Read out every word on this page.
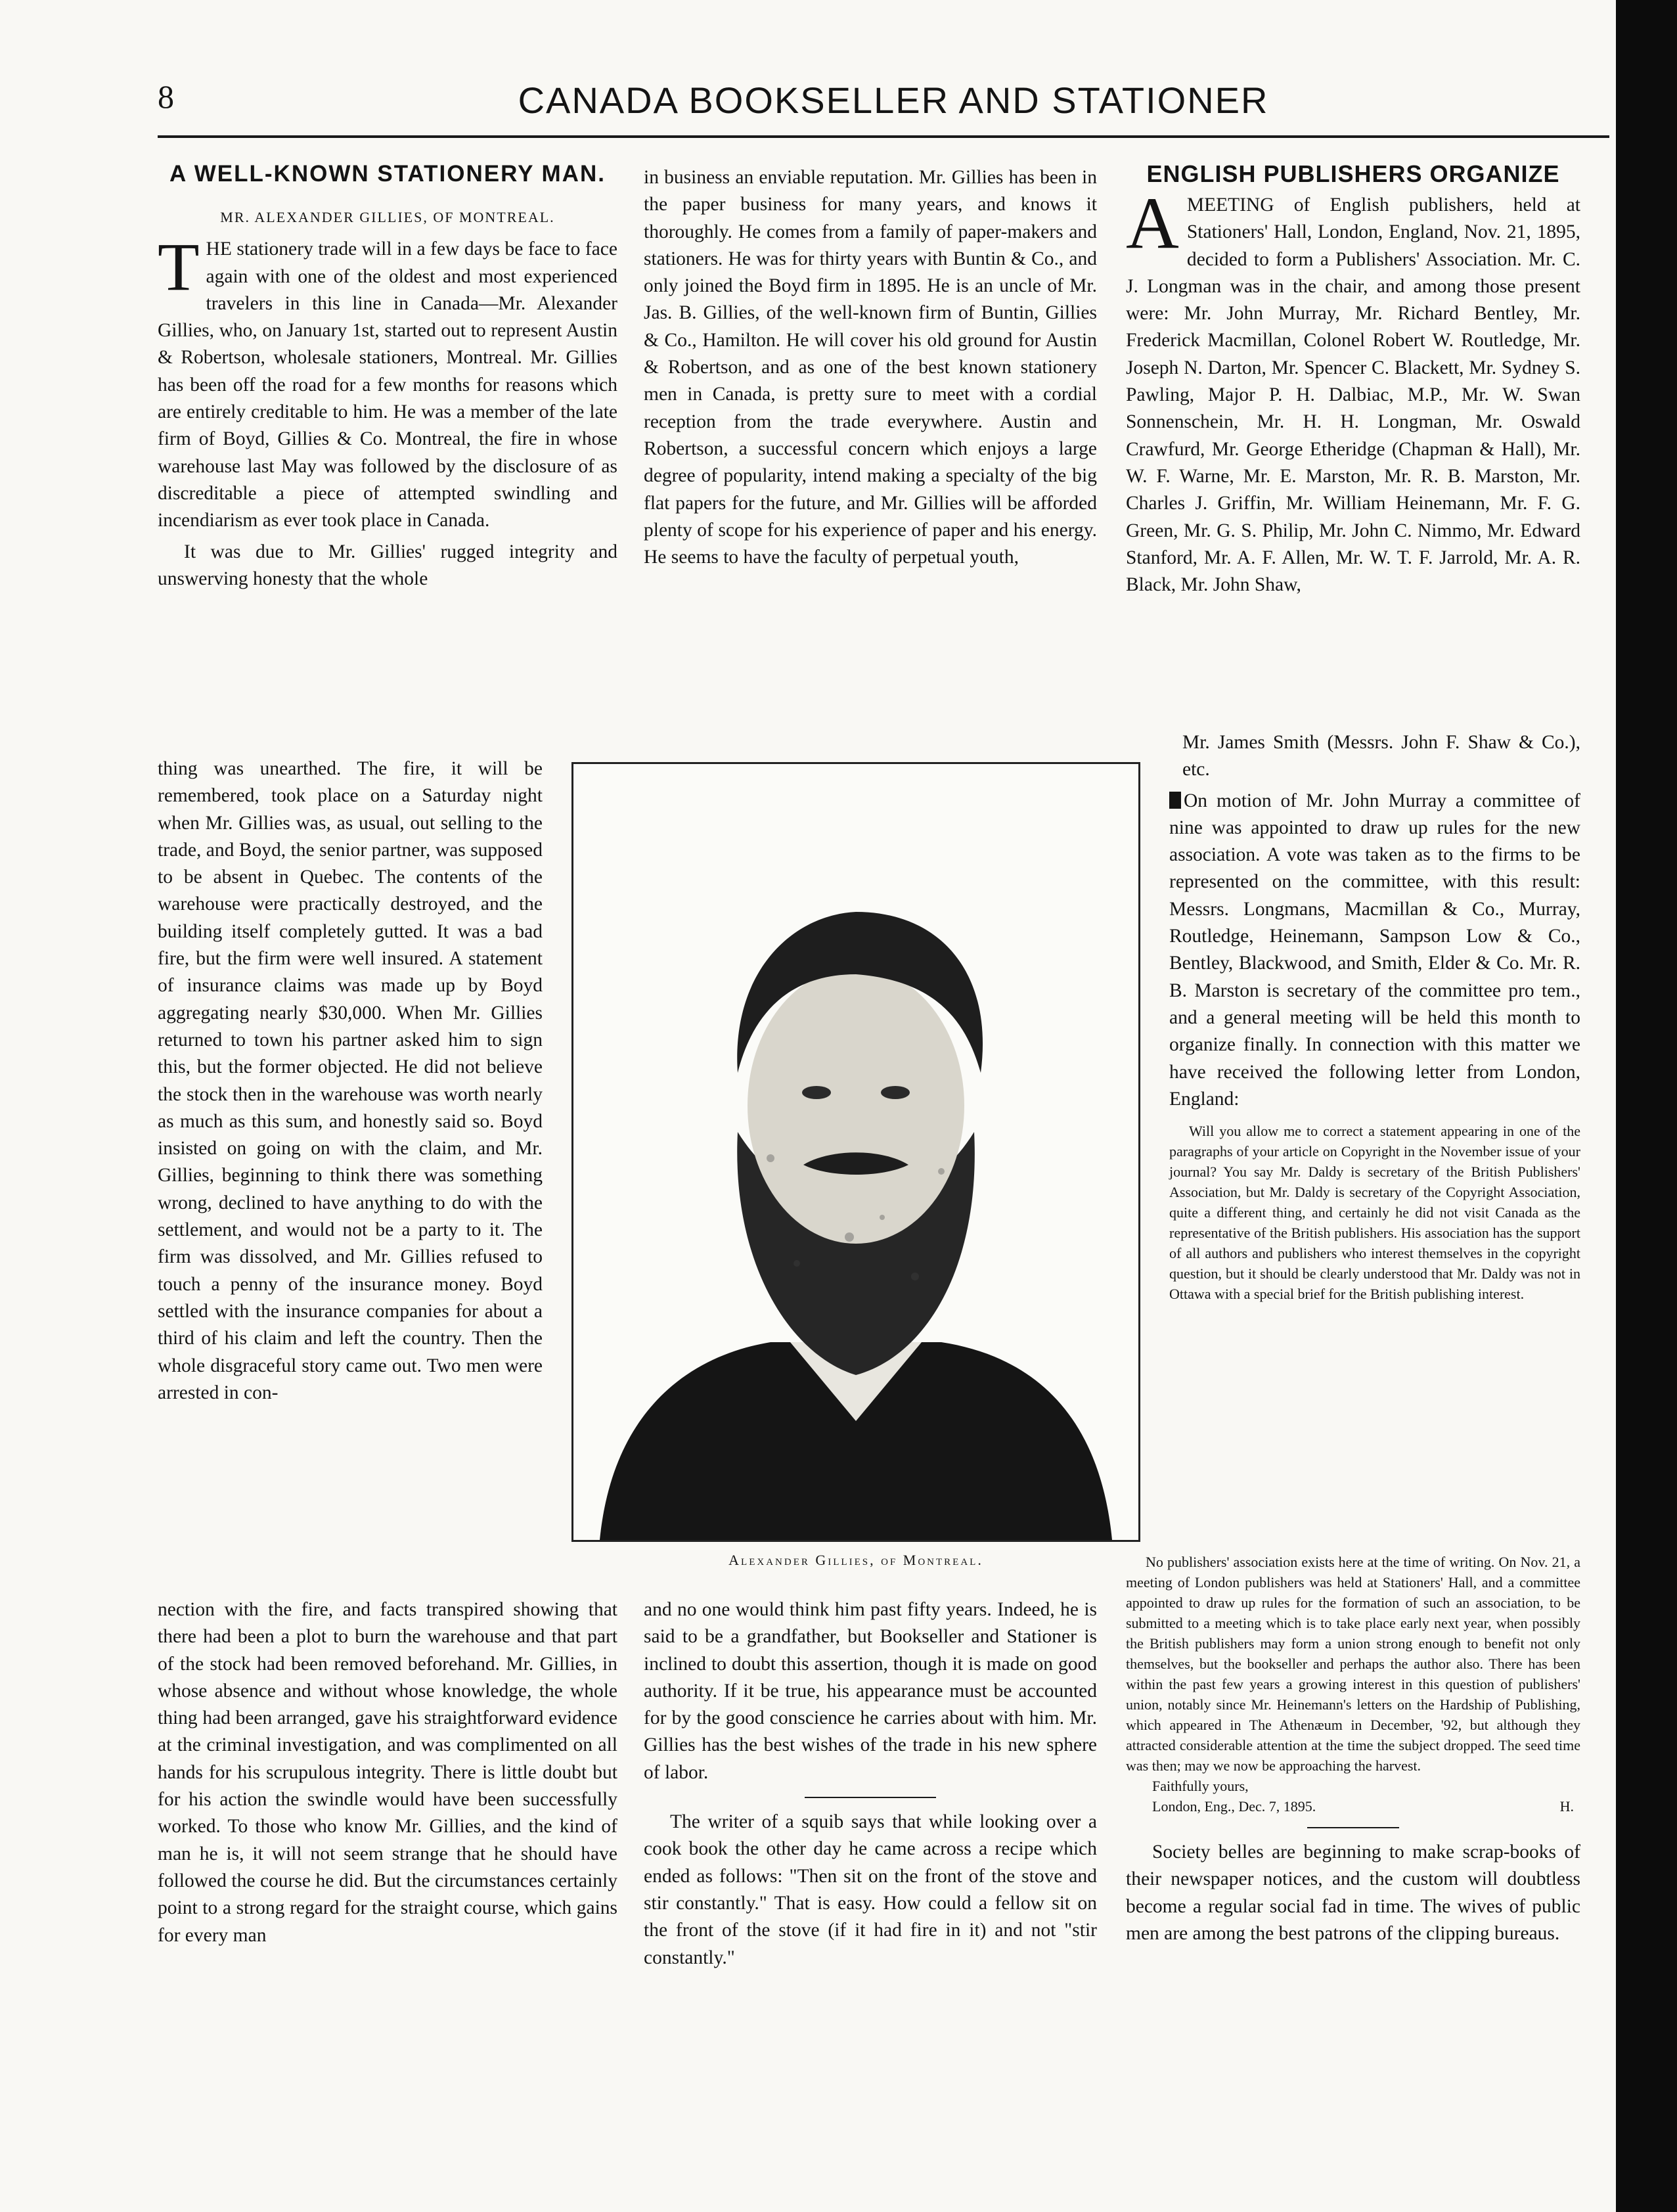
8	CANADA BOOKSELLER AND STATIONER
A WELL-KNOWN STATIONERY MAN.
MR. ALEXANDER GILLIES, OF MONTREAL.

THE stationery trade will in a few days be face to face again with one of the oldest and most experienced travelers in this line in Canada—Mr. Alexander Gillies, who, on January 1st, started out to represent Austin & Robertson, wholesale stationers, Montreal. Mr. Gillies has been off the road for a few months for reasons which are entirely creditable to him. He was a member of the late firm of Boyd, Gillies & Co. Montreal, the fire in whose warehouse last May was followed by the disclosure of as discreditable a piece of attempted swindling and incendiarism as ever took place in Canada.

It was due to Mr. Gillies' rugged integrity and unswerving honesty that the whole

thing was unearthed. The fire, it will be remembered, took place on a Saturday night when Mr. Gillies was, as usual, out selling to the trade, and Boyd, the senior partner, was supposed to be absent in Quebec. The contents of the warehouse were practically destroyed, and the building itself completely gutted. It was a bad fire, but the firm were well insured. A statement of insurance claims was made up by Boyd aggregating nearly $30,000. When Mr. Gillies returned to town his partner asked him to sign this, but the former objected. He did not believe the stock then in the warehouse was worth nearly as much as this sum, and honestly said so. Boyd insisted on going on with the claim, and Mr. Gillies, beginning to think there was something wrong, declined to have anything to do with the settlement, and would not be a party to it. The firm was dissolved, and Mr. Gillies refused to touch a penny of the insurance money. Boyd settled with the insurance companies for about a third of his claim and left the country. Then the whole disgraceful story came out. Two men were arrested in con-

nection with the fire, and facts transpired showing that there had been a plot to burn the warehouse and that part of the stock had been removed beforehand. Mr. Gillies, in whose absence and without whose knowledge, the whole thing had been arranged, gave his straightforward evidence at the criminal investigation, and was complimented on all hands for his scrupulous integrity. There is little doubt but for his action the swindle would have been successfully worked. To those who know Mr. Gillies, and the kind of man he is, it will not seem strange that he should have followed the course he did. But the circumstances certainly point to a strong regard for the straight course, which gains for every man

in business an enviable reputation. Mr. Gillies has been in the paper business for many years, and knows it thoroughly. He comes from a family of paper-makers and stationers. He was for thirty years with Buntin & Co., and only joined the Boyd firm in 1895. He is an uncle of Mr. Jas. B. Gillies, of the well-known firm of Buntin, Gillies & Co., Hamilton. He will cover his old ground for Austin & Robertson, and as one of the best known stationery men in Canada, is pretty sure to meet with a cordial reception from the trade everywhere. Austin and Robertson, a successful concern which enjoys a large degree of popularity, intend making a specialty of the big flat papers for the future, and Mr. Gillies will be afforded plenty of scope for his experience of paper and his energy. He seems to have the faculty of perpetual youth,

Alexander Gillies, of Montreal.

and no one would think him past fifty years. Indeed, he is said to be a grandfather, but Bookseller and Stationer is inclined to doubt this assertion, though it is made on good authority. If it be true, his appearance must be accounted for by the good conscience he carries about with him. Mr. Gillies has the best wishes of the trade in his new sphere of labor.

The writer of a squib says that while looking over a cook book the other day he came across a recipe which ended as follows: "Then sit on the front of the stove and stir constantly." That is easy. How could a fellow sit on the front of the stove (if it had fire in it) and not "stir constantly."

ENGLISH PUBLISHERS ORGANIZE

AMEETING of English publishers, held at Stationers' Hall, London, England, Nov. 21, 1895, decided to form a Publishers' Association. Mr. C. J. Longman was in the chair, and among those present were: Mr. John Murray, Mr. Richard Bentley, Mr. Frederick Macmillan, Colonel Robert W. Routledge, Mr. Joseph N. Darton, Mr. Spencer C. Blackett, Mr. Sydney S. Pawling, Major P. H. Dalbiac, M.P., Mr. W. Swan Sonnenschein, Mr. H. H. Longman, Mr. Oswald Crawfurd, Mr. George Etheridge (Chapman & Hall), Mr. W. F. Warne, Mr. E. Marston, Mr. R. B. Marston, Mr. Charles J. Griffin, Mr. William Heinemann, Mr. F. G. Green, Mr. G. S. Philip, Mr. John C. Nimmo, Mr. Edward Stanford, Mr. A. F. Allen, Mr. W. T. F. Jarrold, Mr. A. R. Black, Mr. John Shaw,

Mr. James Smith (Messrs. John F. Shaw & Co.), etc.

On motion of Mr. John Murray a committee of nine was appointed to draw up rules for the new association. A vote was taken as to the firms to be represented on the committee, with this result: Messrs. Longmans, Macmillan & Co., Murray, Routledge, Heinemann, Sampson Low & Co., Bentley, Blackwood, and Smith, Elder & Co. Mr. R. B. Marston is secretary of the committee pro tem., and a general meeting will be held this month to organize finally. In connection with this matter we have received the following letter from London, England:

Will you allow me to correct a statement appearing in one of the paragraphs of your article on Copyright in the November issue of your journal? You say Mr. Daldy is secretary of the British Publishers' Association, but Mr. Daldy is secretary of the Copyright Association, quite a different thing, and certainly he did not visit Canada as the representative of the British publishers. His association has the support of all authors and publishers who interest themselves in the copyright question, but it should be clearly understood that Mr. Daldy was not in Ottawa with a special brief for the British publishing interest.

No publishers' association exists here at the time of writing. On Nov. 21, a meeting of London publishers was held at Stationers' Hall, and a committee appointed to draw up rules for the formation of such an association, to be submitted to a meeting which is to take place early next year, when possibly the British publishers may form a union strong enough to benefit not only themselves, but the bookseller and perhaps the author also. There has been within the past few years a growing interest in this question of publishers' union, notably since Mr. Heinemann's letters on the Hardship of Publishing, which appeared in The Athenæum in December, '92, but although they attracted considerable attention at the time the subject dropped. The seed time was then; may we now be approaching the harvest.

Faithfully yours,
London, Eng., Dec. 7, 1895.	H.

Society belles are beginning to make scrap-books of their newspaper notices, and the custom will doubtless become a regular social fad in time. The wives of public men are among the best patrons of the clipping bureaus.
